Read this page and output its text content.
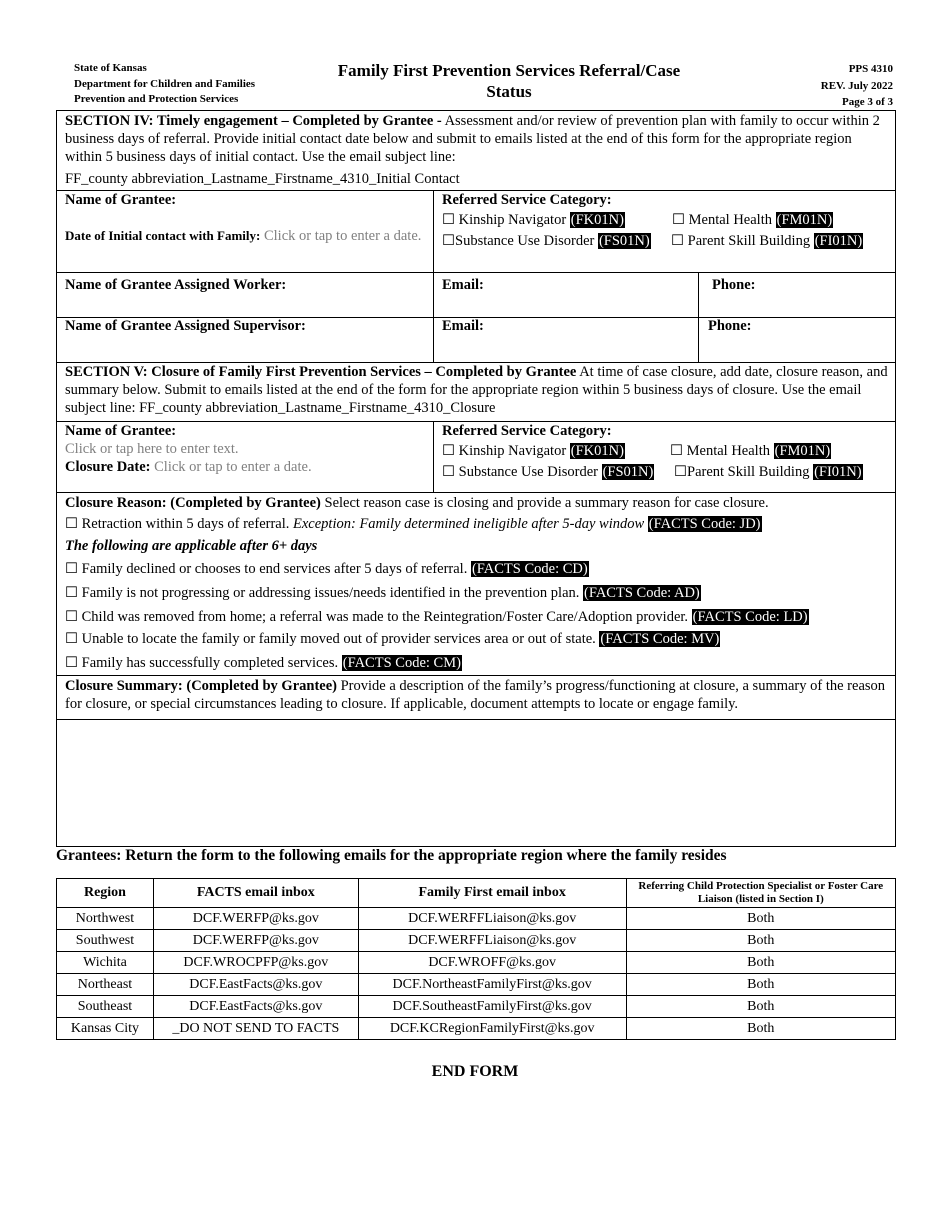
State of Kansas
Department for Children and Families
Prevention and Protection Services
Family First Prevention Services Referral/Case
Status
PPS 4310
REV. July 2022
Page 3 of 3
SECTION IV: Timely engagement – Completed by Grantee - Assessment and/or review of prevention plan with family to occur within 2 business days of referral. Provide initial contact date below and submit to emails listed at the end of this form for the appropriate region within 5 business days of initial contact. Use the email subject line:
FF_county abbreviation_Lastname_Firstname_4310_Initial Contact
Name of Grantee:
Date of Initial contact with Family: Click or tap to enter a date.
Referred Service Category:
☐ Kinship Navigator (FK01N)	☐ Mental Health (FM01N)
☐Substance Use Disorder (FS01N) ☐ Parent Skill Building (FI01N)
Name of Grantee Assigned Worker:	Email:	Phone:
Name of Grantee Assigned Supervisor:	Email:	Phone:
SECTION V: Closure of Family First Prevention Services – Completed by Grantee At time of case closure, add date, closure reason, and summary below. Submit to emails listed at the end of the form for the appropriate region within 5 business days of closure. Use the email subject line: FF_county abbreviation_Lastname_Firstname_4310_Closure
Name of Grantee:
Click or tap here to enter text.
Closure Date: Click or tap to enter a date.
Referred Service Category:
☐ Kinship Navigator (FK01N)	☐ Mental Health (FM01N)
☐ Substance Use Disorder (FS01N) ☐Parent Skill Building (FI01N)
Closure Reason: (Completed by Grantee) Select reason case is closing and provide a summary reason for case closure.
☐ Retraction within 5 days of referral. Exception: Family determined ineligible after 5-day window (FACTS Code: JD)
The following are applicable after 6+ days
☐ Family declined or chooses to end services after 5 days of referral. (FACTS Code: CD)
☐ Family is not progressing or addressing issues/needs identified in the prevention plan. (FACTS Code: AD)
☐ Child was removed from home; a referral was made to the Reintegration/Foster Care/Adoption provider. (FACTS Code: LD)
☐ Unable to locate the family or family moved out of provider services area or out of state. (FACTS Code: MV)
☐ Family has successfully completed services. (FACTS Code: CM)
Closure Summary: (Completed by Grantee) Provide a description of the family’s progress/functioning at closure, a summary of the reason for closure, or special circumstances leading to closure. If applicable, document attempts to locate or engage family.
Grantees: Return the form to the following emails for the appropriate region where the family resides
Region	FACTS email inbox	Family First email inbox	Referring Child Protection Specialist or Foster Care Liaison (listed in Section I)
Northwest	DCF.WERFP@ks.gov	DCF.WERFFLiaison@ks.gov	Both
Southwest	DCF.WERFP@ks.gov	DCF.WERFFLiaison@ks.gov	Both
Wichita	DCF.WROCPFP@ks.gov	DCF.WROFF@ks.gov	Both
Northeast	DCF.EastFacts@ks.gov	DCF.NortheastFamilyFirst@ks.gov	Both
Southeast	DCF.EastFacts@ks.gov	DCF.SoutheastFamilyFirst@ks.gov	Both
Kansas City	_DO NOT SEND TO FACTS	DCF.KCRegionFamilyFirst@ks.gov	Both
END FORM
